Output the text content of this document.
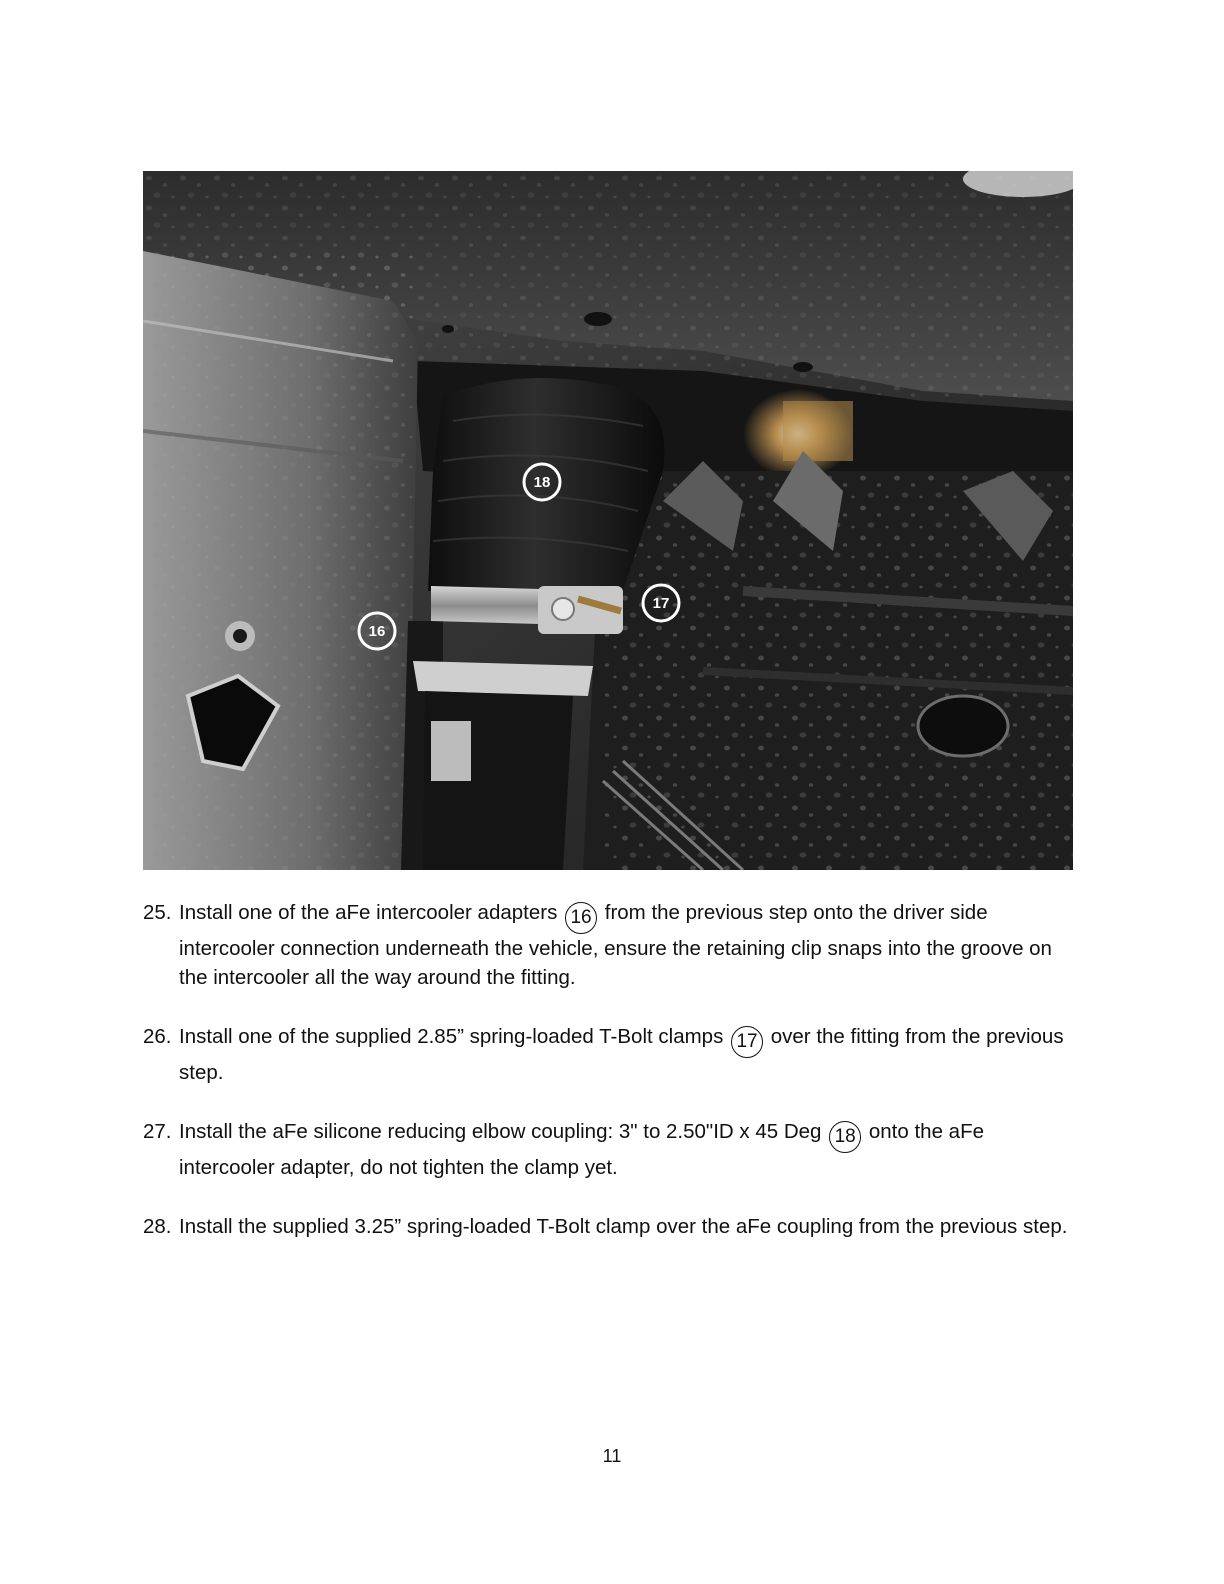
18
17
16
25. Install one of the aFe intercooler adapters 16 from the previous step onto the driver side intercooler connection underneath the vehicle, ensure the retaining clip snaps into the groove on the intercooler all the way around the fitting.
26. Install one of the supplied 2.85” spring-loaded T-Bolt clamps 17 over the fitting from the previous step.
27. Install the aFe silicone reducing elbow coupling: 3" to 2.50"ID x 45 Deg 18 onto the aFe intercooler adapter, do not tighten the clamp yet.
28. Install the supplied 3.25” spring-loaded T-Bolt clamp over the aFe coupling from the previous step.
11
